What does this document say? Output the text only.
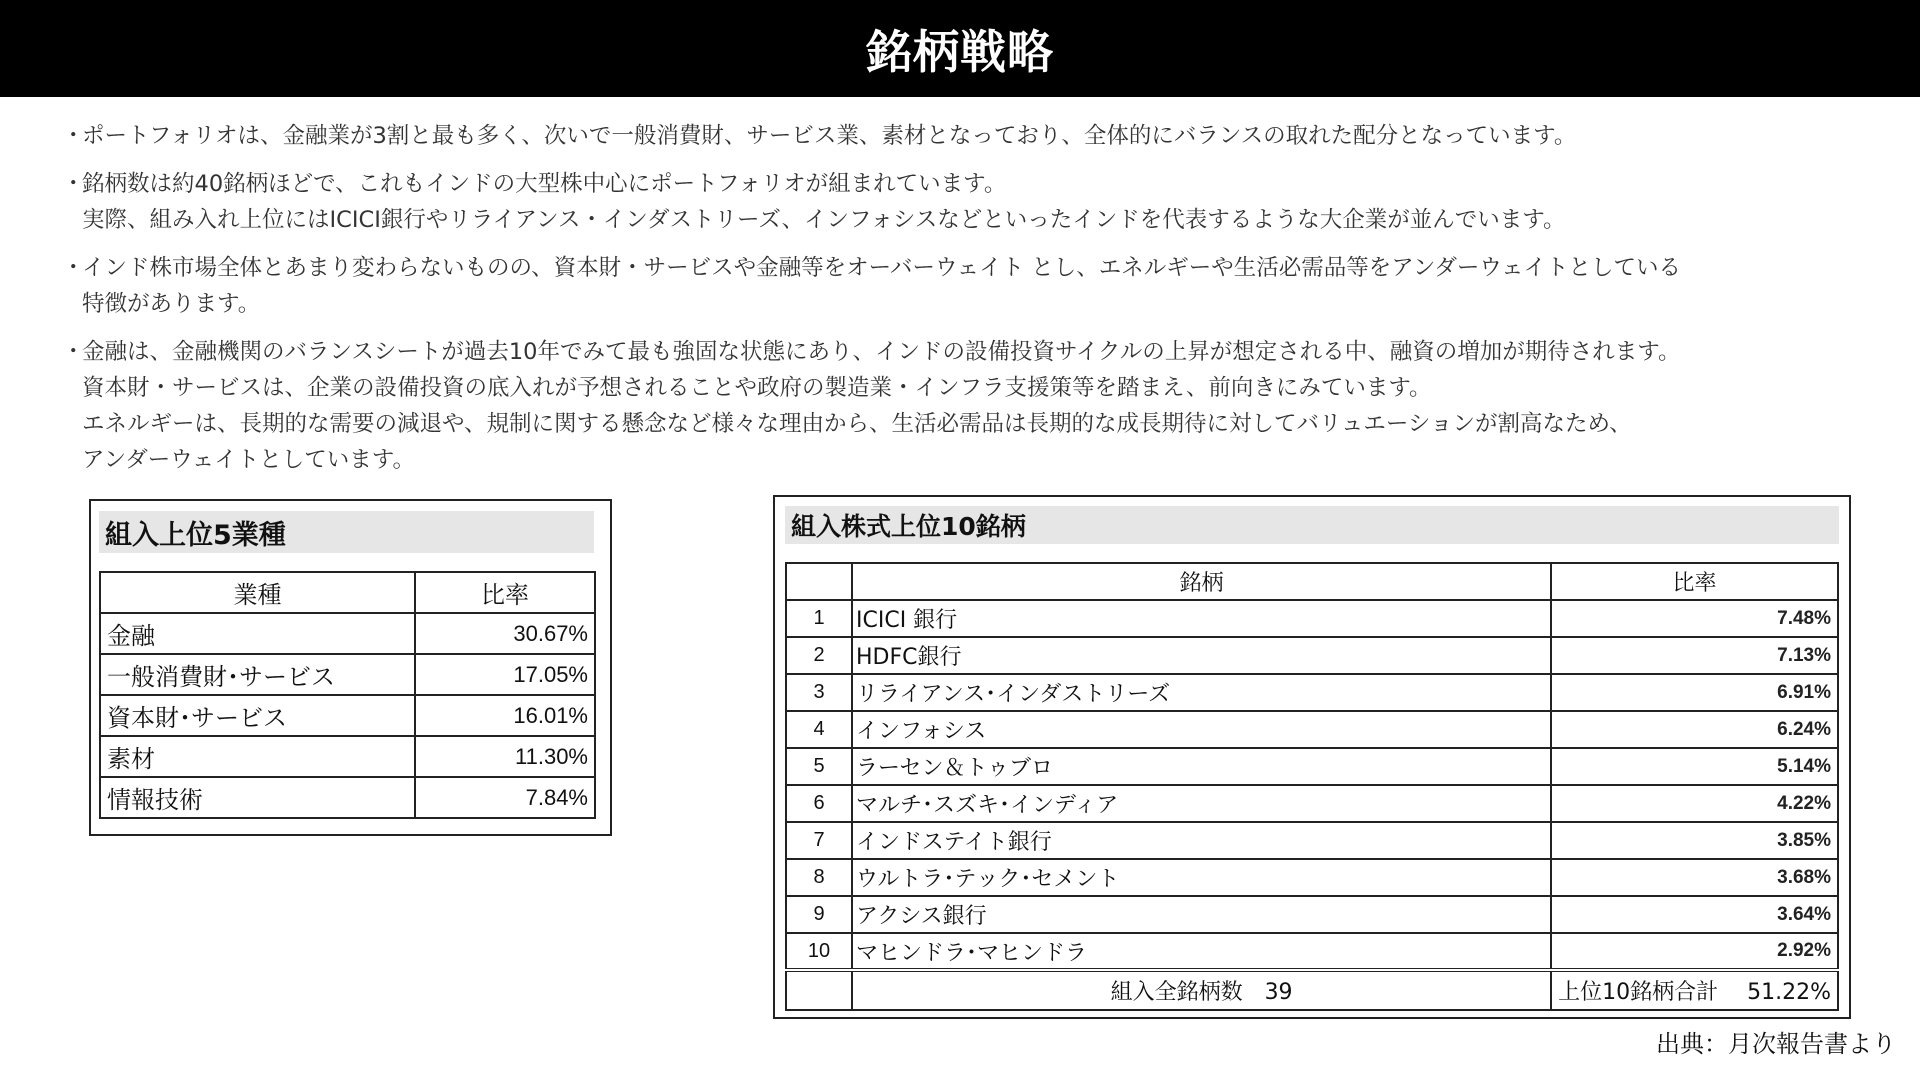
銘柄戦略
・
ポートフォリオは、金融業が3割と最も多く、次いで一般消費財、サービス業、素材となっており、全体的にバランスの取れた配分となっています。
・
銘柄数は約40銘柄ほどで、これもインドの大型株中心にポートフォリオが組まれています。
実際、組み入れ上位にはICICI銀行やリライアンス・インダストリーズ、インフォシスなどといったインドを代表するような大企業が並んでいます。
・
インド株市場全体とあまり変わらないものの、資本財・サービスや金融等をオーバーウェイト とし、エネルギーや生活必需品等をアンダーウェイトとしている
特徴があります。
・
金融は、金融機関のバランスシートが過去10年でみて最も強固な状態にあり、インドの設備投資サイクルの上昇が想定される中、融資の増加が期待されます。
資本財・サービスは、企業の設備投資の底入れが予想されることや政府の製造業・インフラ支援策等を踏まえ、前向きにみています。
エネルギーは、長期的な需要の減退や、規制に関する懸念など様々な理由から、生活必需品は長期的な成長期待に対してバリュエーションが割高なため、
アンダーウェイトとしています。
組入上位5業種
業種	比率
金融	30.67%
一般消費財･サービス	17.05%
資本財･サービス	16.01%
素材	11.30%
情報技術	7.84%
組入株式上位10銘柄
	銘柄	比率
1	ICICI 銀行	7.48%
2	HDFC銀行	7.13%
3	リライアンス･インダストリーズ	6.91%
4	インフォシス	6.24%
5	ラーセン＆トゥブロ	5.14%
6	マルチ･スズキ･インディア	4.22%
7	インドステイト銀行	3.85%
8	ウルトラ･テック･セメント	3.68%
9	アクシス銀行	3.64%
10	マヒンドラ･マヒンドラ	2.92%
	組入全銘柄数　39	上位10銘柄合計　 51.22%
出典：月次報告書より
